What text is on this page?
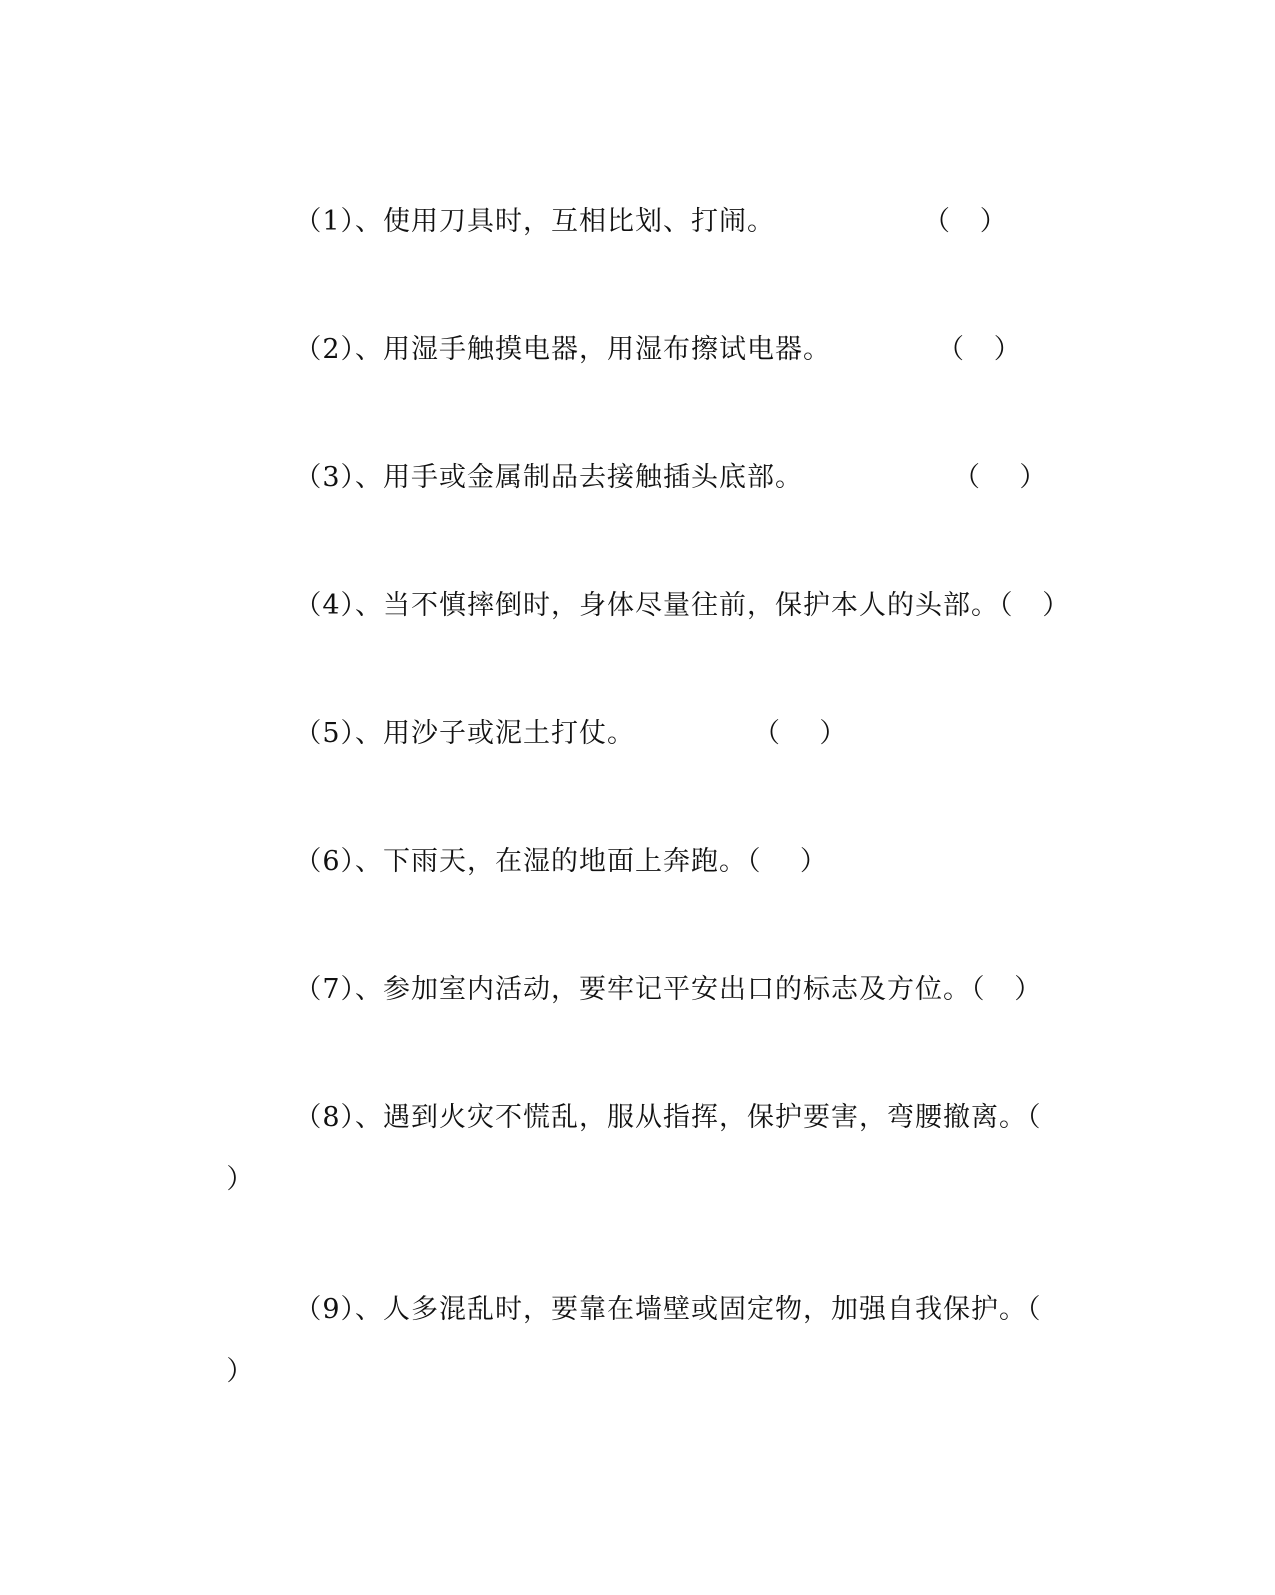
（1）、使用刀具时，互相比划、打闹。	（   ）

（2）、用湿手触摸电器，用湿布擦试电器。	（   ）

（3）、用手或金属制品去接触插头底部。	（    ）

（4）、当不慎摔倒时，身体尽量往前，保护本人的头部。（   ）

（5）、用沙子或泥土打仗。	（    ）

（6）、下雨天，在湿的地面上奔跑。（    ）

（7）、参加室内活动，要牢记平安出口的标志及方位。（   ）

（8）、遇到火灾不慌乱，服从指挥，保护要害，弯腰撤离。（

）

（9）、人多混乱时，要靠在墙壁或固定物，加强自我保护。（

）
